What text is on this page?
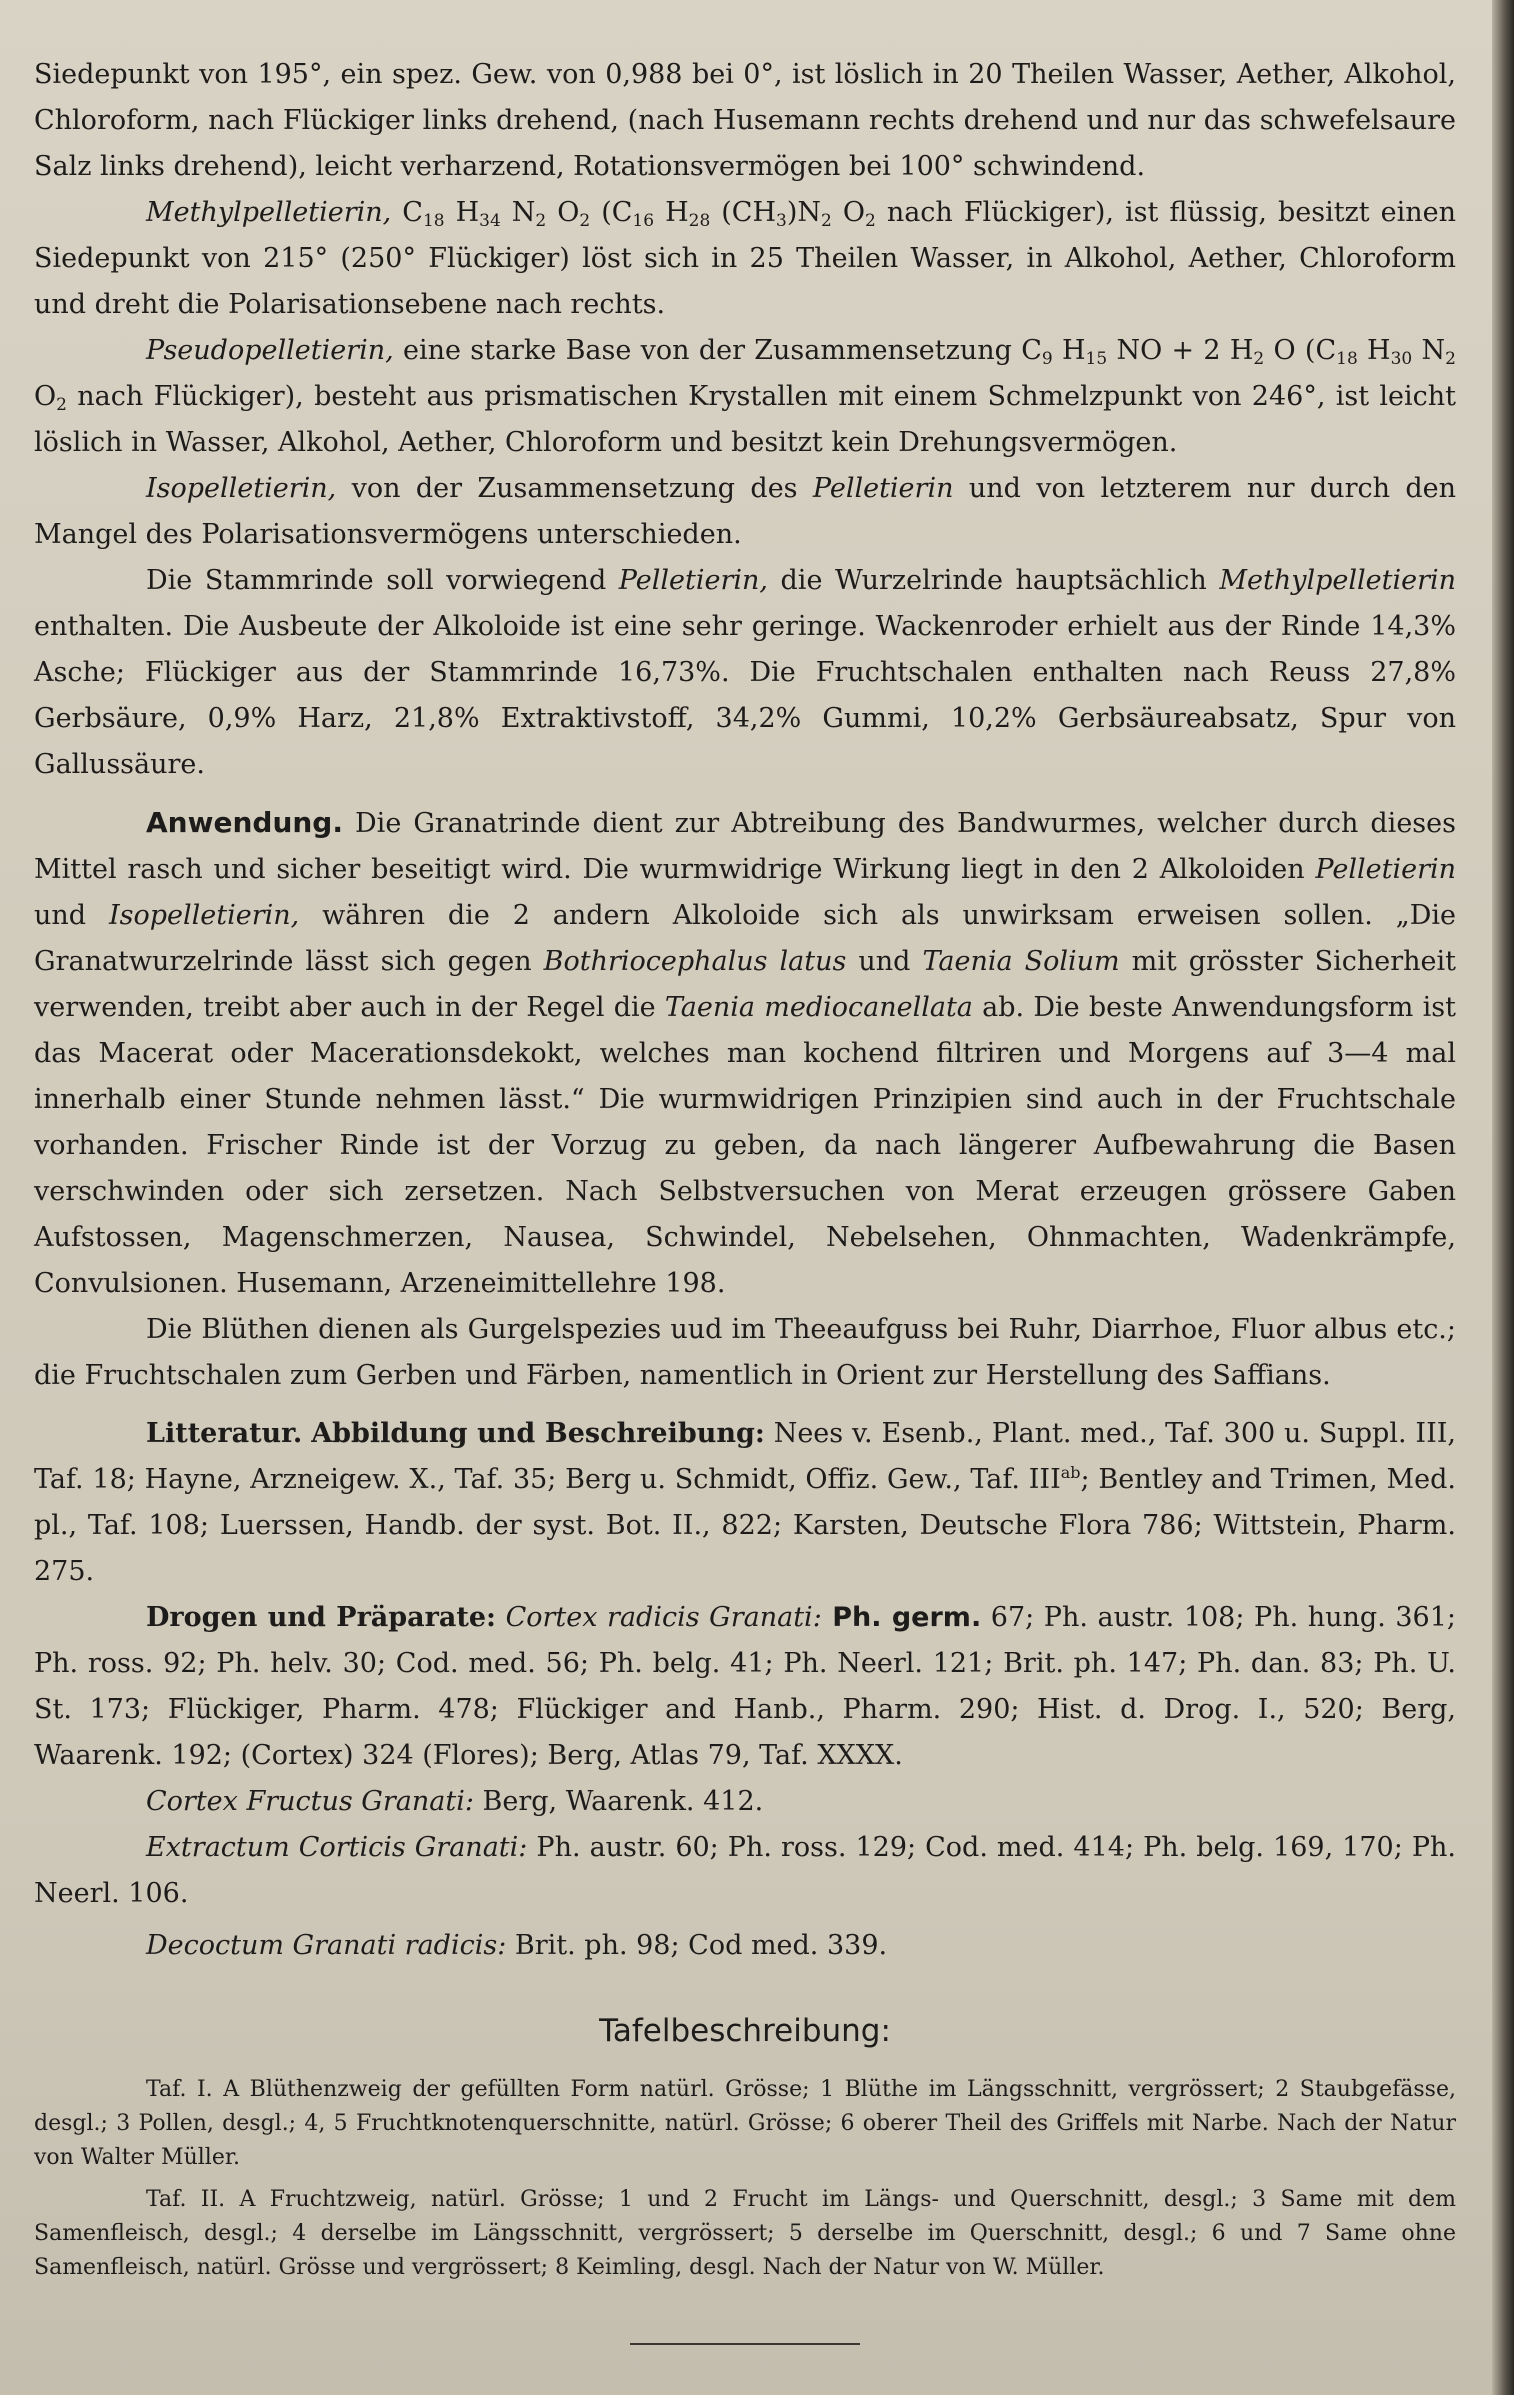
Siedepunkt von 195°, ein spez. Gew. von 0,988 bei 0°, ist löslich in 20 Theilen Wasser, Aether, Alkohol, Chloroform, nach Flückiger links drehend, (nach Husemann rechts drehend und nur das schwefelsaure Salz links drehend), leicht verharzend, Rotationsvermögen bei 100° schwindend.

Methylpelletierin, $C_{18}$ $H_{34}$ $N_2$ $O_2$ ($C_{16}$ $H_{28}$ $(CH_3)N_2$ $O_2$ nach Flückiger), ist flüssig, besitzt einen Siedepunkt von 215° (250° Flückiger) löst sich in 25 Theilen Wasser, in Alkohol, Aether, Chloroform und dreht die Polarisationsebene nach rechts.

Pseudopelletierin, eine starke Base von der Zusammensetzung $C_9$ $H_{15}$ NO + 2 $H_2$ O ($C_{18}$ $H_{30}$ $N_2$ $O_2$ nach Flückiger), besteht aus prismatischen Krystallen mit einem Schmelzpunkt von 246°, ist leicht löslich in Wasser, Alkohol, Aether, Chloroform und besitzt kein Drehungsvermögen.

Isopelletierin, von der Zusammensetzung des Pelletierin und von letzterem nur durch den Mangel des Polarisationsvermögens unterschieden.

Die Stammrinde soll vorwiegend Pelletierin, die Wurzelrinde hauptsächlich Methylpelletierin enthalten. Die Ausbeute der Alkoloide ist eine sehr geringe. Wackenroder erhielt aus der Rinde 14,3% Asche; Flückiger aus der Stammrinde 16,73%. Die Fruchtschalen enthalten nach Reuss 27,8% Gerbsäure, 0,9% Harz, 21,8% Extraktivstoff, 34,2% Gummi, 10,2% Gerbsäureabsatz, Spur von Gallussäure.

Anwendung. Die Granatrinde dient zur Abtreibung des Bandwurmes, welcher durch dieses Mittel rasch und sicher beseitigt wird. Die wurmwidrige Wirkung liegt in den 2 Alkoloiden Pelletierin und Isopelletierin, währen die 2 andern Alkoloide sich als unwirksam erweisen sollen. „Die Granatwurzelrinde lässt sich gegen Bothriocephalus latus und Taenia Solium mit grösster Sicherheit verwenden, treibt aber auch in der Regel die Taenia mediocanellata ab. Die beste Anwendungsform ist das Macerat oder Macerationsdekokt, welches man kochend filtriren und Morgens auf 3—4 mal innerhalb einer Stunde nehmen lässt.“ Die wurmwidrigen Prinzipien sind auch in der Fruchtschale vorhanden. Frischer Rinde ist der Vorzug zu geben, da nach längerer Aufbewahrung die Basen verschwinden oder sich zersetzen. Nach Selbstversuchen von Merat erzeugen grössere Gaben Aufstossen, Magenschmerzen, Nausea, Schwindel, Nebelsehen, Ohnmachten, Wadenkrämpfe, Convulsionen. Husemann, Arzeneimittellehre 198.

Die Blüthen dienen als Gurgelspezies uud im Theeaufguss bei Ruhr, Diarrhoe, Fluor albus etc.; die Fruchtschalen zum Gerben und Färben, namentlich in Orient zur Herstellung des Saffians.

Litteratur. Abbildung und Beschreibung: Nees v. Esenb., Plant. med., Taf. 300 u. Suppl. III, Taf. 18; Hayne, Arzneigew. X., Taf. 35; Berg u. Schmidt, Offiz. Gew., Taf. $III^{ab}$; Bentley and Trimen, Med. pl., Taf. 108; Luerssen, Handb. der syst. Bot. II., 822; Karsten, Deutsche Flora 786; Wittstein, Pharm. 275.

Drogen und Präparate: Cortex radicis Granati: Ph. germ. 67; Ph. austr. 108; Ph. hung. 361; Ph. ross. 92; Ph. helv. 30; Cod. med. 56; Ph. belg. 41; Ph. Neerl. 121; Brit. ph. 147; Ph. dan. 83; Ph. U. St. 173; Flückiger, Pharm. 478; Flückiger and Hanb., Pharm. 290; Hist. d. Drog. I., 520; Berg, Waarenk. 192; (Cortex) 324 (Flores); Berg, Atlas 79, Taf. XXXX.

Cortex Fructus Granati: Berg, Waarenk. 412.

Extractum Corticis Granati: Ph. austr. 60; Ph. ross. 129; Cod. med. 414; Ph. belg. 169, 170; Ph. Neerl. 106.

Decoctum Granati radicis: Brit. ph. 98; Cod med. 339.

Tafelbeschreibung:

Taf. I. A Blüthenzweig der gefüllten Form natürl. Grösse; 1 Blüthe im Längsschnitt, vergrössert; 2 Staubgefässe, desgl.; 3 Pollen, desgl.; 4, 5 Fruchtknotenquerschnitte, natürl. Grösse; 6 oberer Theil des Griffels mit Narbe. Nach der Natur von Walter Müller.

Taf. II. A Fruchtzweig, natürl. Grösse; 1 und 2 Frucht im Längs- und Querschnitt, desgl.; 3 Same mit dem Samenfleisch, desgl.; 4 derselbe im Längsschnitt, vergrössert; 5 derselbe im Querschnitt, desgl.; 6 und 7 Same ohne Samenfleisch, natürl. Grösse und vergrössert; 8 Keimling, desgl. Nach der Natur von W. Müller.
